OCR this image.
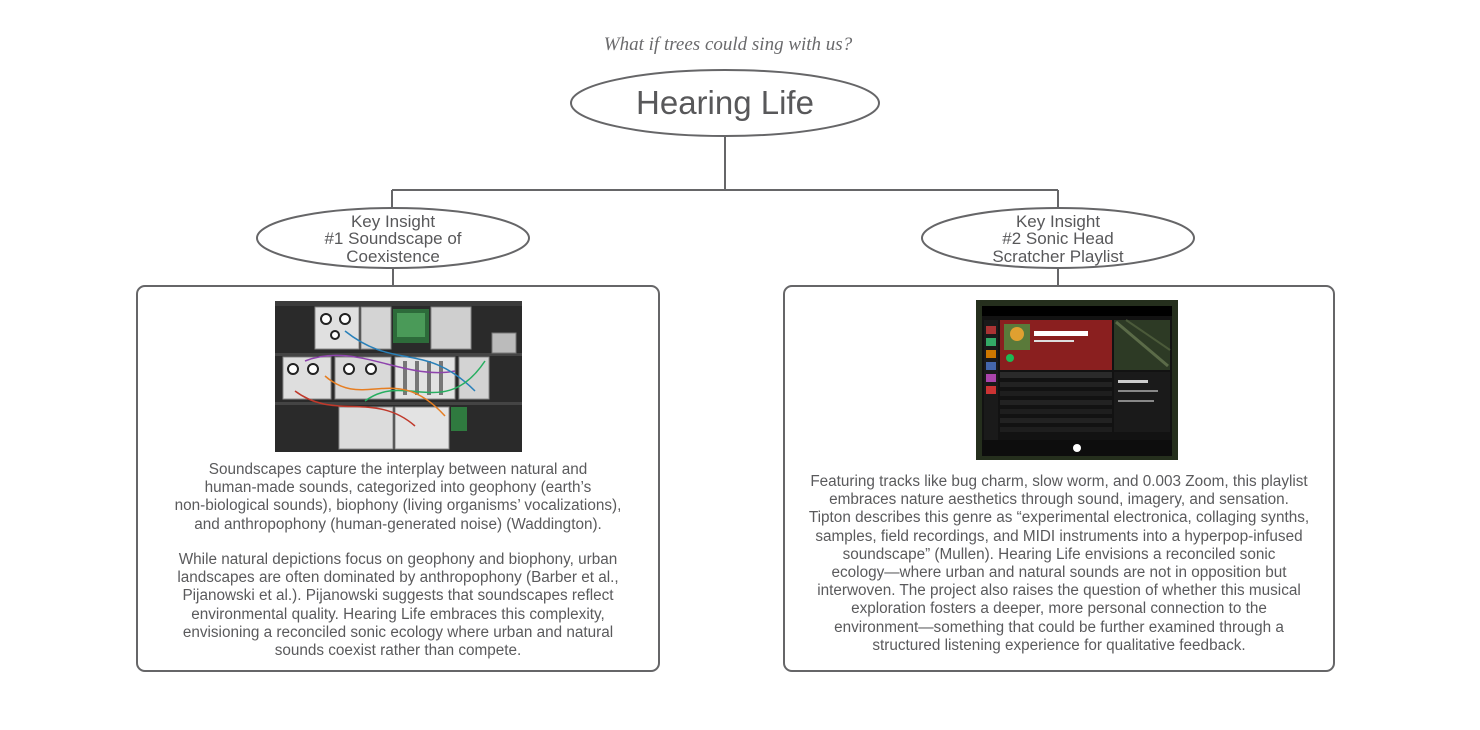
What if trees could sing with us?
Hearing Life
Key Insight
#1 Soundscape of
Coexistence
Key Insight
#2 Sonic Head
Scratcher Playlist
Soundscapes capture the interplay between natural and
human-made sounds, categorized into geophony (earth’s
non-biological sounds), biophony (living organisms’ vocalizations),
and anthropophony (human-generated noise) (Waddington).
While natural depictions focus on geophony and biophony, urban
landscapes are often dominated by anthropophony (Barber et al.,
Pijanowski et al.). Pijanowski suggests that soundscapes reflect
environmental quality. Hearing Life embraces this complexity,
envisioning a reconciled sonic ecology where urban and natural
sounds coexist rather than compete.
Featuring tracks like bug charm, slow worm, and 0.003 Zoom, this playlist
embraces nature aesthetics through sound, imagery, and sensation.
Tipton describes this genre as “experimental electronica, collaging synths,
samples, field recordings, and MIDI instruments into a hyperpop-infused
soundscape” (Mullen). Hearing Life envisions a reconciled sonic
ecology—where urban and natural sounds are not in opposition but
interwoven. The project also raises the question of whether this musical
exploration fosters a deeper, more personal connection to the
environment—something that could be further examined through a
structured listening experience for qualitative feedback.
